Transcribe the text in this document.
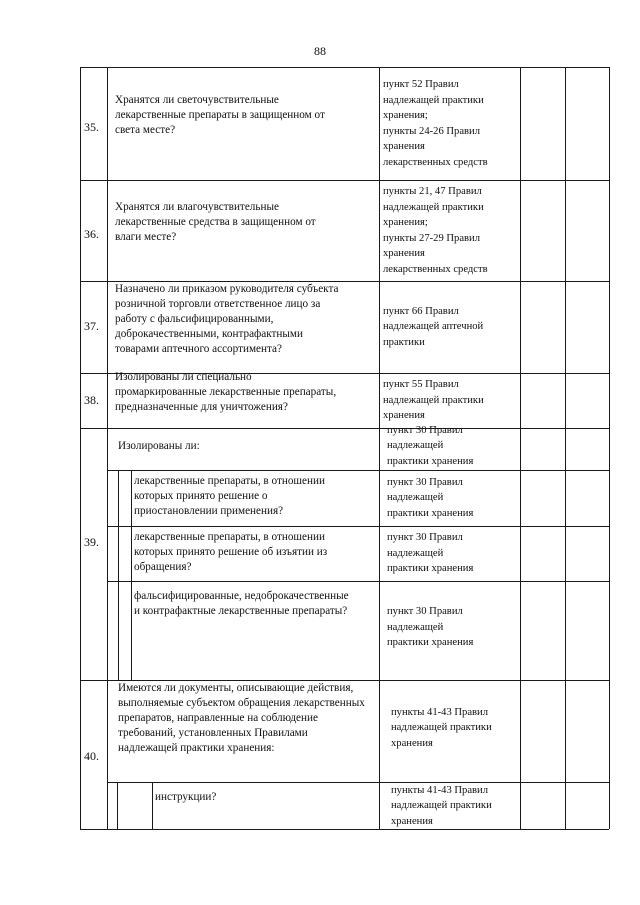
88
35.
Хранятся ли светочувствительные
лекарственные препараты в защищенном от
света месте?
пункт 52 Правил
надлежащей практики
хранения;
пункты 24-26 Правил
хранения
лекарственных средств
36.
Хранятся ли влагочувствительные
лекарственные средства в защищенном от
влаги месте?
пункты 21, 47 Правил
надлежащей практики
хранения;
пункты 27-29 Правил
хранения
лекарственных средств
37.
Назначено ли приказом руководителя субъекта
розничной торговли ответственное лицо за
работу с фальсифицированными,
доброкачественными, контрафактными
товарами аптечного ассортимента?
пункт 66 Правил
надлежащей аптечной
практики
38.
Изолированы ли специально
промаркированные лекарственные препараты,
предназначенные для уничтожения?
пункт 55 Правил
надлежащей практики
хранения
39.
Изолированы ли:
пункт 30 Правил
надлежащей
практики хранения
лекарственные препараты, в отношении
которых принято решение о
приостановлении применения?
пункт 30 Правил
надлежащей
практики хранения
лекарственные препараты, в отношении
которых принято решение об изъятии из
обращения?
пункт 30 Правил
надлежащей
практики хранения
фальсифицированные, недоброкачественные
и контрафактные лекарственные препараты?	пункт 30 Правил
надлежащей
практики хранения
40.
Имеются ли документы, описывающие действия,
выполняемые субъектом обращения лекарственных
препаратов, направленные на соблюдение
требований, установленных Правилами
надлежащей практики хранения:
пункты 41-43 Правил
надлежащей практики
хранения
инструкции?
пункты 41-43 Правил
надлежащей практики
хранения
